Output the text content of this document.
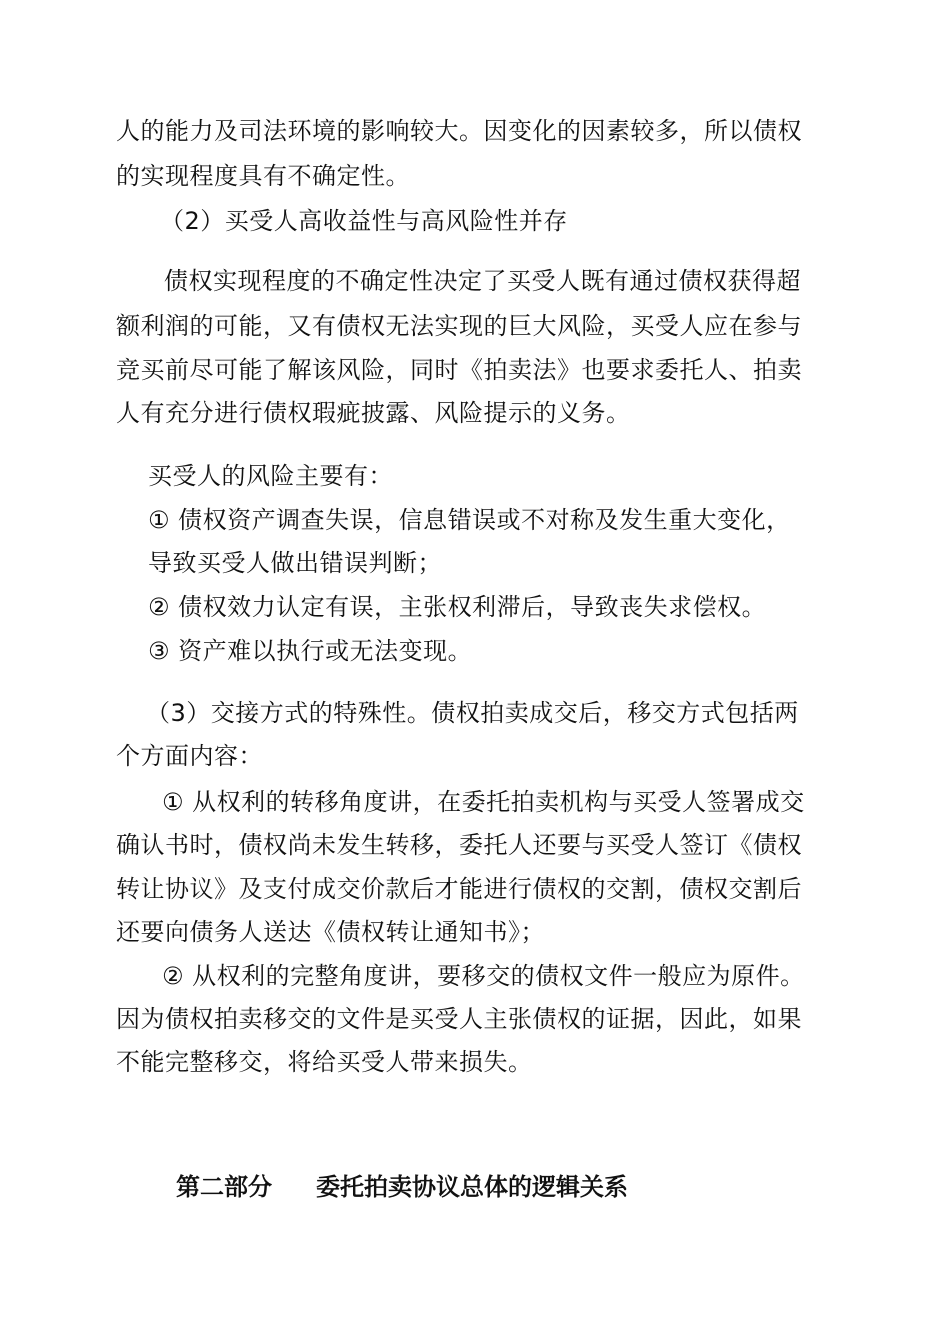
人的能力及司法环境的影响较大。因变化的因素较多，所以债权
的实现程度具有不确定性。
（2）买受人高收益性与高风险性并存
债权实现程度的不确定性决定了买受人既有通过债权获得超
额利润的可能，又有债权无法实现的巨大风险，买受人应在参与
竞买前尽可能了解该风险，同时《拍卖法》也要求委托人、拍卖
人有充分进行债权瑕疵披露、风险提示的义务。
买受人的风险主要有：
① 债权资产调查失误，信息错误或不对称及发生重大变化，
导致买受人做出错误判断；
② 债权效力认定有误，主张权利滞后，导致丧失求偿权。
③ 资产难以执行或无法变现。
（3）交接方式的特殊性。债权拍卖成交后，移交方式包括两
个方面内容：
① 从权利的转移角度讲，在委托拍卖机构与买受人签署成交
确认书时，债权尚未发生转移，委托人还要与买受人签订《债权
转让协议》及支付成交价款后才能进行债权的交割，债权交割后
还要向债务人送达《债权转让通知书》；
② 从权利的完整角度讲，要移交的债权文件一般应为原件。
因为债权拍卖移交的文件是买受人主张债权的证据，因此，如果
不能完整移交，将给买受人带来损失。
第二部分 委托拍卖协议总体的逻辑关系
